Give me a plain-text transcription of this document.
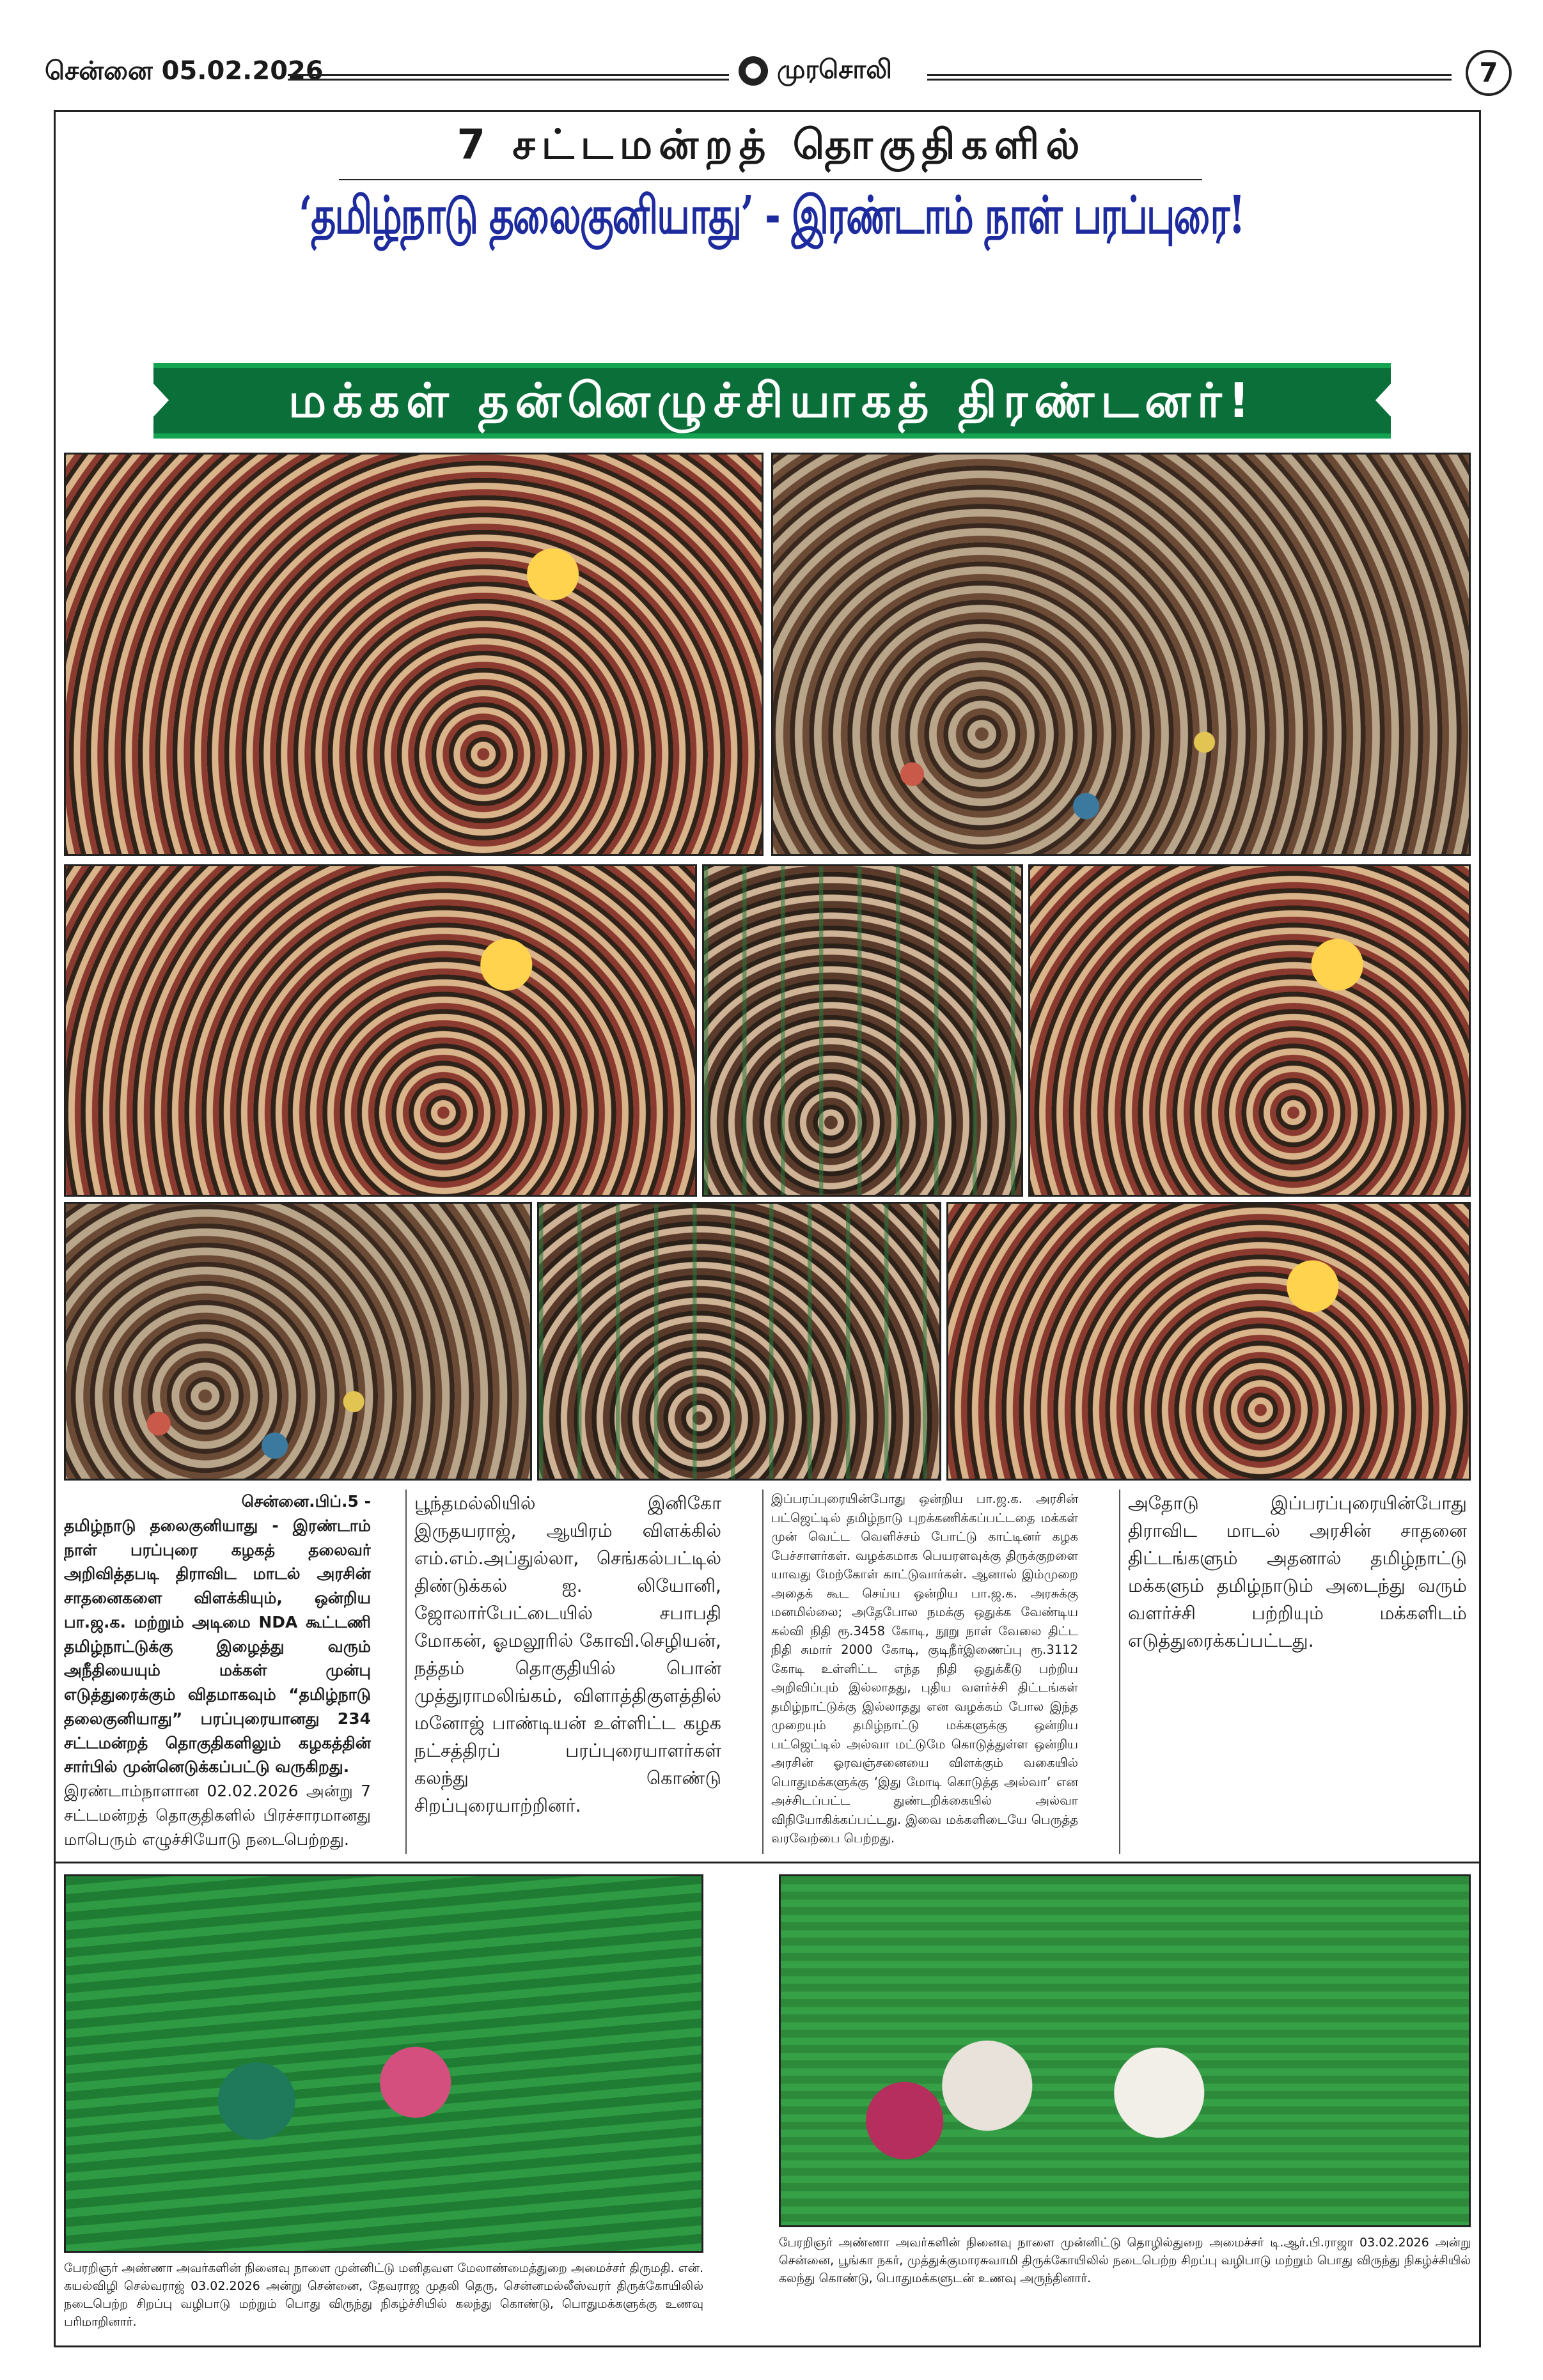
சென்னை 05.02.2026	முரசொலி	7
7 சட்டமன்றத் தொகுதிகளில்
‘தமிழ்நாடு தலைகுனியாது’ - இரண்டாம் நாள் பரப்புரை!
மக்கள் தன்னெழுச்சியாகத் திரண்டனர்!

சென்னை.பிப்.5 -

தமிழ்நாடு தலைகுனியாது - இரண்டாம் நாள் பரப்புரை கழகத் தலைவர் அறிவித்தபடி திராவிட மாடல் அரசின் சாதனைகளை விளக்கியும், ஒன்றிய பா.ஜ.க. மற்றும் அடிமை NDA கூட்டணி தமிழ்நாட்டுக்கு இழைத்து வரும் அநீதியையும் மக்கள் முன்பு எடுத்துரைக்கும் விதமாகவும் “தமிழ்நாடு தலைகுனியாது” பரப்புரையானது 234 சட்டமன்றத் தொகுதிகளிலும் கழகத்தின் சார்பில் முன்னெடுக்கப்பட்டு வருகிறது.

இரண்டாம்நாளான 02.02.2026 அன்று 7 சட்டமன்றத் தொகுதிகளில் பிரச்சாரமானது மாபெரும் எழுச்சியோடு நடைபெற்றது.

பூந்தமல்லியில் இனிகோ இருதயராஜ், ஆயிரம் விளக்கில் எம்.எம்.அப்துல்லா, செங்கல்பட்டில் திண்டுக்கல் ஐ. லியோனி, ஜோலார்பேட்டையில் சபாபதி மோகன், ஓமலூரில் கோவி.செழியன், நத்தம் தொகுதியில் பொன் முத்துராமலிங்கம், விளாத்திகுளத்தில் மனோஜ் பாண்டியன் உள்ளிட்ட கழக நட்சத்திரப் பரப்புரையாளர்கள் கலந்து கொண்டு சிறப்புரையாற்றினர்.

இப்பரப்புரையின்போது ஒன்றிய பா.ஜ.க. அரசின் பட்ஜெட்டில் தமிழ்நாடு புறக்கணிக்கப்பட்டதை மக்கள் முன் வெட்ட வெளிச்சம் போட்டு காட்டினர் கழக பேச்சாளர்கள். வழக்கமாக பெயரளவுக்கு திருக்குறளை யாவது மேற்கோள் காட்டுவார்கள். ஆனால் இம்முறை அதைக் கூட செய்ய ஒன்றிய பா.ஜ.க. அரசுக்கு மனமில்லை; அதேபோல நமக்கு ஒதுக்க வேண்டிய கல்வி நிதி ரூ.3458 கோடி, நூறு நாள் வேலை திட்ட நிதி சுமார் 2000 கோடி, குடிநீர்இணைப்பு ரூ.3112 கோடி உள்ளிட்ட எந்த நிதி ஒதுக்கீடு பற்றிய அறிவிப்பும் இல்லாதது, புதிய வளர்ச்சி திட்டங்கள் தமிழ்நாட்டுக்கு இல்லாதது என வழக்கம் போல இந்த முறையும் தமிழ்நாட்டு மக்களுக்கு ஒன்றிய பட்ஜெட்டில் அல்வா மட்டுமே கொடுத்துள்ள ஒன்றிய அரசின் ஓரவஞ்சனையை விளக்கும் வகையில் பொதுமக்களுக்கு ‘இது மோடி கொடுத்த அல்வா’ என அச்சிடப்பட்ட துண்டறிக்கையில் அல்வா விநியோகிக்கப்பட்டது. இவை மக்களிடையே பெருத்த வரவேற்பை பெற்றது.

அதோடு இப்பரப்புரையின்போது திராவிட மாடல் அரசின் சாதனை திட்டங்களும் அதனால் தமிழ்நாட்டு மக்களும் தமிழ்நாடும் அடைந்து வரும் வளர்ச்சி பற்றியும் மக்களிடம் எடுத்துரைக்கப்பட்டது.

பேரறிஞர் அண்ணா அவர்களின் நினைவு நாளை முன்னிட்டு மனிதவள மேலாண்மைத்துறை அமைச்சர் திருமதி. என். கயல்விழி செல்வராஜ் 03.02.2026 அன்று சென்னை, தேவராஜ முதலி தெரு, சென்னமல்லீஸ்வரர் திருக்கோயிலில் நடைபெற்ற சிறப்பு வழிபாடு மற்றும் பொது விருந்து நிகழ்ச்சியில் கலந்து கொண்டு, பொதுமக்களுக்கு உணவு பரிமாறினார்.
பேரறிஞர் அண்ணா அவர்களின் நினைவு நாளை முன்னிட்டு தொழில்துறை அமைச்சர் டி.ஆர்.பி.ராஜா 03.02.2026 அன்று சென்னை, பூங்கா நகர், முத்துக்குமாரசுவாமி திருக்கோயிலில் நடைபெற்ற சிறப்பு வழிபாடு மற்றும் பொது விருந்து நிகழ்ச்சியில் கலந்து கொண்டு, பொதுமக்களுடன் உணவு அருந்தினார்.
